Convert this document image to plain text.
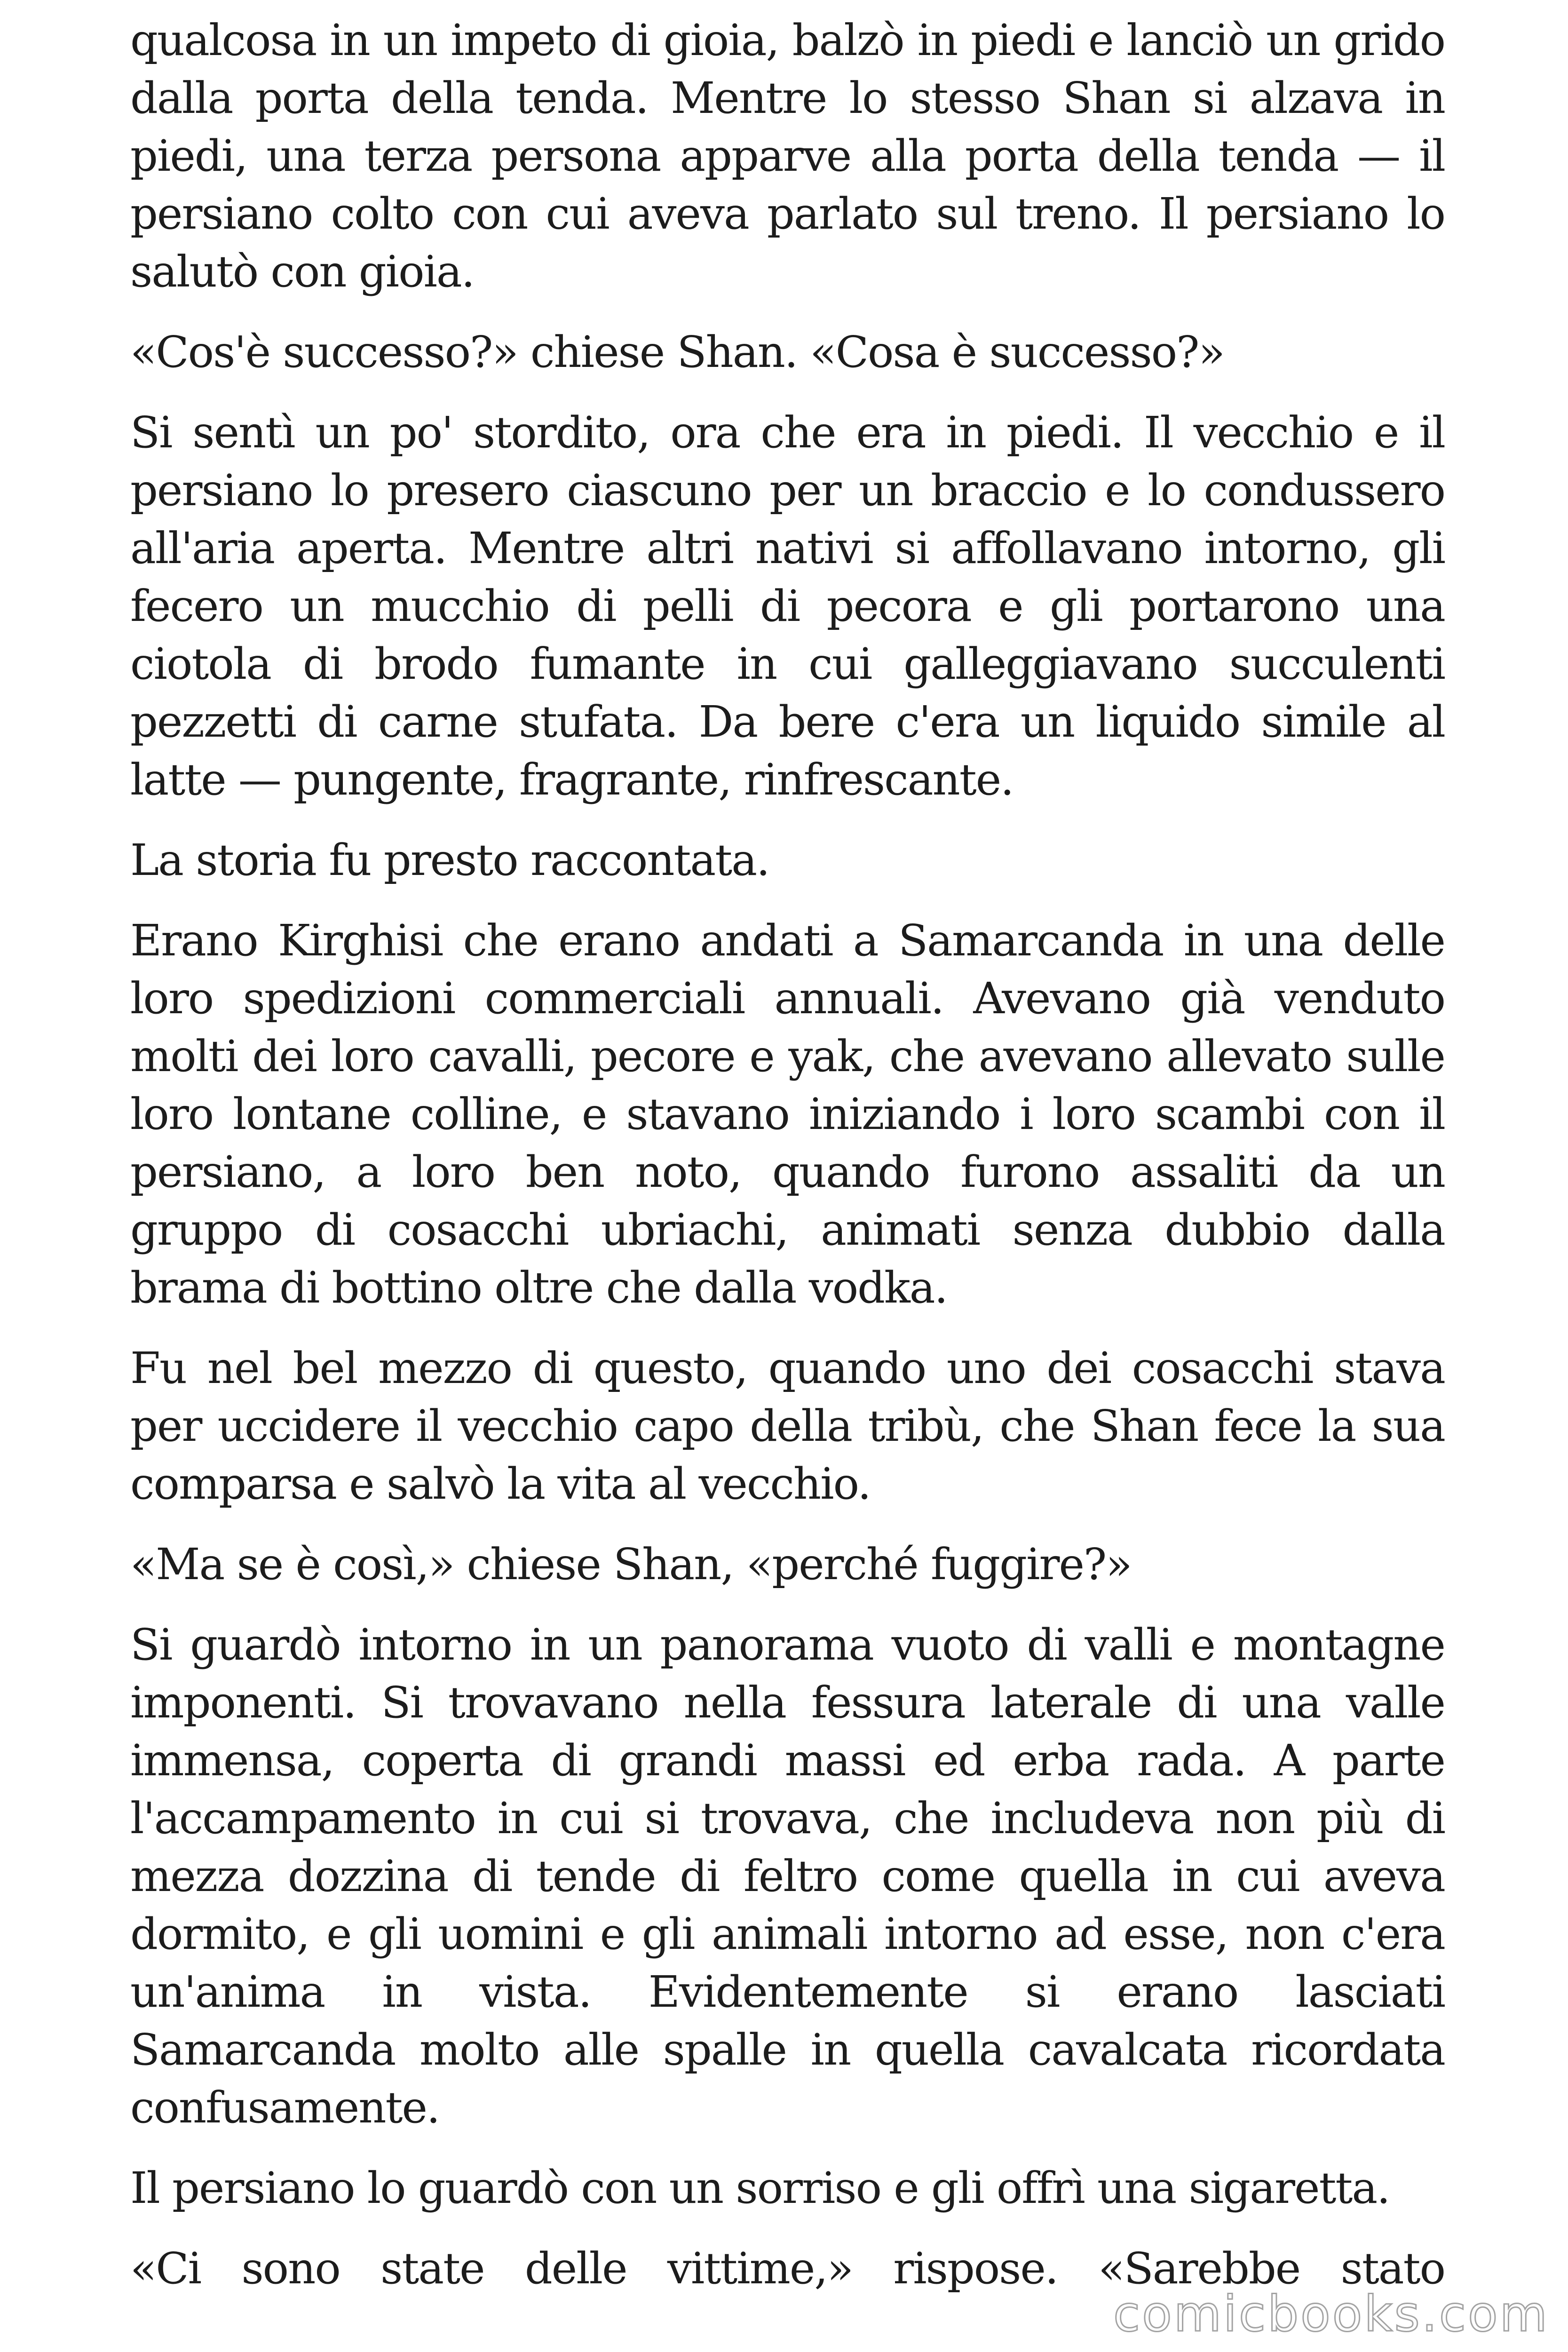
qualcosa in un impeto di gioia, balzò in piedi e lanciò un grido dalla porta della tenda. Mentre lo stesso Shan si alzava in piedi, una terza persona apparve alla porta della tenda — il persiano colto con cui aveva parlato sul treno. Il persiano lo salutò con gioia.

«Cos'è successo?» chiese Shan. «Cosa è successo?»

Si sentì un po' stordito, ora che era in piedi. Il vecchio e il persiano lo presero ciascuno per un braccio e lo condussero all'aria aperta. Mentre altri nativi si affollavano intorno, gli fecero un mucchio di pelli di pecora e gli portarono una ciotola di brodo fumante in cui galleggiavano succulenti pezzetti di carne stufata. Da bere c'era un liquido simile al latte — pungente, fragrante, rinfrescante.

La storia fu presto raccontata.

Erano Kirghisi che erano andati a Samarcanda in una delle loro spedizioni commerciali annuali. Avevano già venduto molti dei loro cavalli, pecore e yak, che avevano allevato sulle loro lontane colline, e stavano iniziando i loro scambi con il persiano, a loro ben noto, quando furono assaliti da un gruppo di cosacchi ubriachi, animati senza dubbio dalla brama di bottino oltre che dalla vodka.

Fu nel bel mezzo di questo, quando uno dei cosacchi stava per uccidere il vecchio capo della tribù, che Shan fece la sua comparsa e salvò la vita al vecchio.

«Ma se è così,» chiese Shan, «perché fuggire?»

Si guardò intorno in un panorama vuoto di valli e montagne imponenti. Si trovavano nella fessura laterale di una valle immensa, coperta di grandi massi ed erba rada. A parte l'accampamento in cui si trovava, che includeva non più di mezza dozzina di tende di feltro come quella in cui aveva dormito, e gli uomini e gli animali intorno ad esse, non c'era un'anima in vista. Evidentemente si erano lasciati Samarcanda molto alle spalle in quella cavalcata ricordata confusamente.

Il persiano lo guardò con un sorriso e gli offrì una sigaretta.

«Ci sono state delle vittime,» rispose. «Sarebbe stato

comicbooks.com
